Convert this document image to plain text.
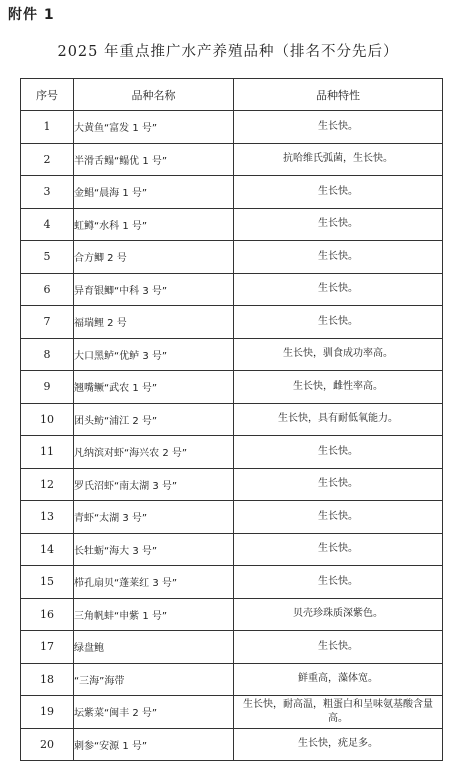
附件 1
2025 年重点推广水产养殖品种（排名不分先后）
序号	品种名称	品种特性
1	大黄鱼“富发 1 号”	生长快。
2	半滑舌鳎“鳎优 1 号”	抗哈维氏弧菌，生长快。
3	金鲳“晨海 1 号”	生长快。
4	虹鳟“水科 1 号”	生长快。
5	合方鲫 2 号	生长快。
6	异育银鲫“中科 3 号”	生长快。
7	福瑞鲤 2 号	生长快。
8	大口黑鲈“优鲈 3 号”	生长快，驯食成功率高。
9	翘嘴鳜“武农 1 号”	生长快，雌性率高。
10	团头鲂“浦江 2 号”	生长快，具有耐低氧能力。
11	凡纳滨对虾“海兴农 2 号”	生长快。
12	罗氏沼虾“南太湖 3 号”	生长快。
13	青虾“太湖 3 号”	生长快。
14	长牡蛎“海大 3 号”	生长快。
15	栉孔扇贝“蓬莱红 3 号”	生长快。
16	三角帆蚌“申紫 1 号”	贝壳珍珠质深紫色。
17	绿盘鲍	生长快。
18	“三海”海带	鲜重高，藻体宽。
19	坛紫菜“闽丰 2 号”	生长快，耐高温，粗蛋白和呈味氨基酸含量高。
20	刺参“安源 1 号”	生长快，疣足多。
